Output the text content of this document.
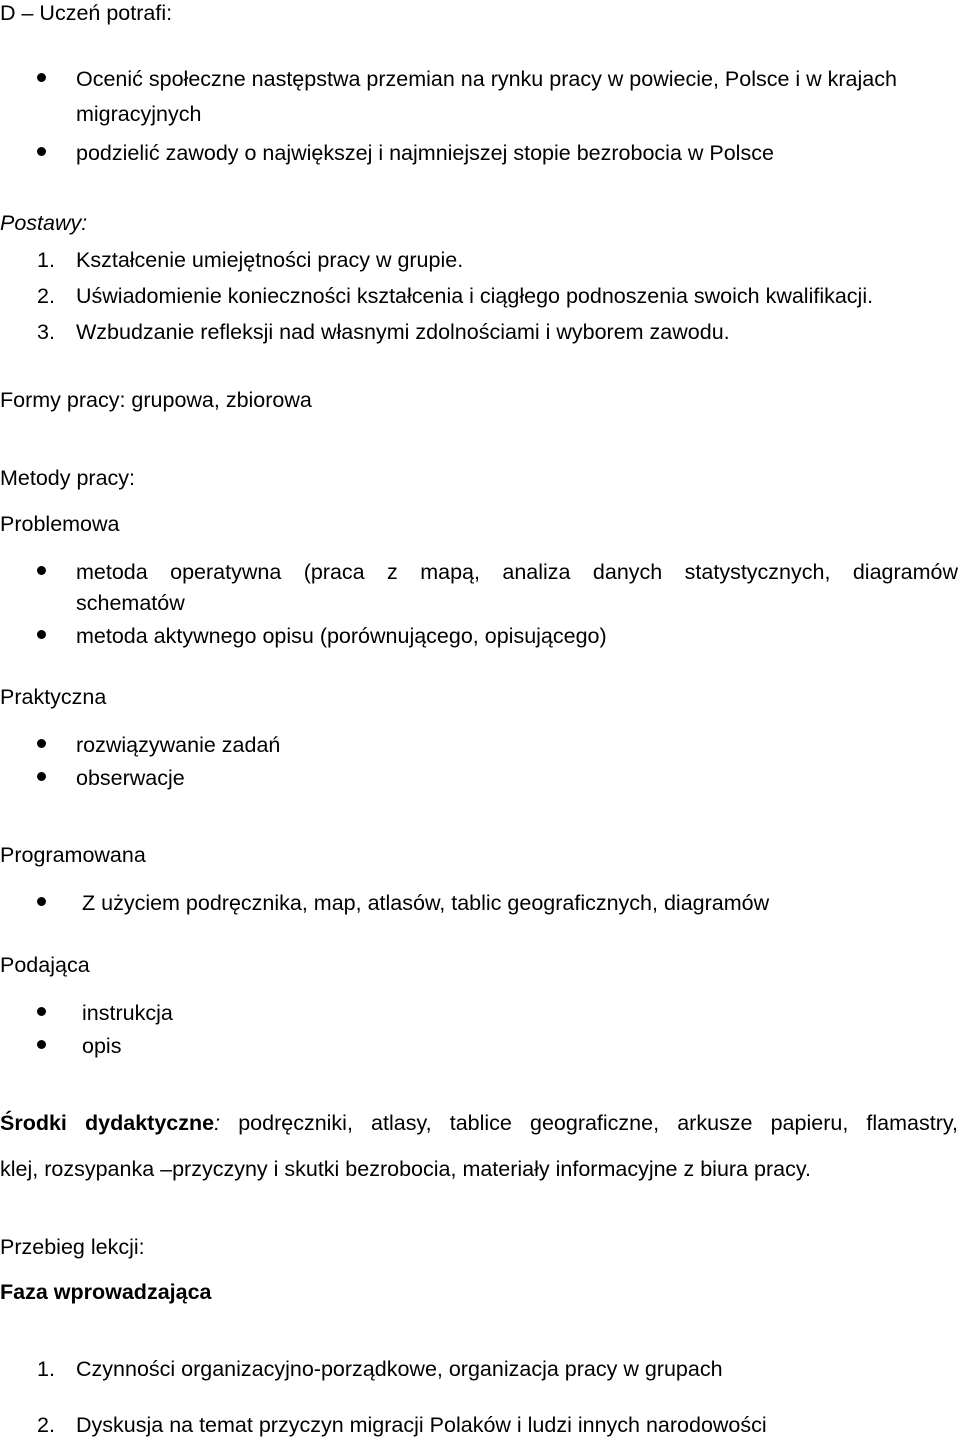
D – Uczeń potrafi:
Ocenić społeczne następstwa przemian na rynku pracy w powiecie, Polsce i w krajach
migracyjnych
podzielić zawody o największej i najmniejszej stopie bezrobocia w Polsce
Postawy:
1. Kształcenie umiejętności pracy w grupie.
2. Uświadomienie konieczności kształcenia i ciągłego podnoszenia swoich kwalifikacji.
3. Wzbudzanie refleksji nad własnymi zdolnościami i wyborem zawodu.
Formy pracy: grupowa, zbiorowa
Metody pracy:
Problemowa
metoda operatywna (praca z mapą, analiza danych statystycznych, diagramów
schematów
metoda aktywnego opisu (porównującego, opisującego)
Praktyczna
rozwiązywanie zadań
obserwacje
Programowana
Z użyciem podręcznika, map, atlasów, tablic geograficznych, diagramów
Podająca
instrukcja
opis
Środki dydaktyczne: podręczniki, atlasy, tablice geograficzne, arkusze papieru, flamastry,
klej, rozsypanka –przyczyny i skutki bezrobocia, materiały informacyjne z biura pracy.
Przebieg lekcji:
Faza wprowadzająca
1. Czynności organizacyjno-porządkowe, organizacja pracy w grupach
2. Dyskusja na temat przyczyn migracji Polaków i ludzi innych narodowości
